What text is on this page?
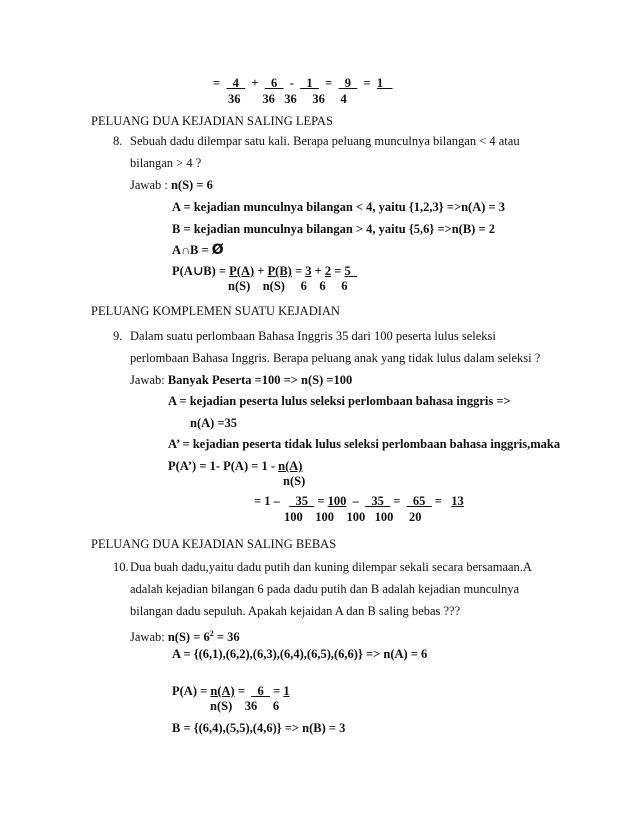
=    4    +    6    -    1    =    9    =  1
36       36   36     36     4
PELUANG DUA KEJADIAN SALING LEPAS
8. Sebuah dadu dilempar satu kali. Berapa peluang munculnya bilangan < 4 atau
bilangan > 4 ?
Jawab : n(S) = 6
A = kejadian munculnya bilangan < 4, yaitu {1,2,3} =>n(A) = 3
B = kejadian munculnya bilangan > 4, yaitu {5,6} =>n(B) = 2
A∩B = Ø
P(A∪B) = P(A) + P(B) = 3 + 2 = 5
n(S)    n(S)     6    6     6
PELUANG KOMPLEMEN SUATU KEJADIAN
9. Dalam suatu perlombaan Bahasa Inggris 35 dari 100 peserta lulus seleksi
perlombaan Bahasa Inggris. Berapa peluang anak yang tidak lulus dalam seleksi ?
Jawab: Banyak Peserta =100 => n(S) =100
A = kejadian peserta lulus seleksi perlombaan bahasa inggris =>
n(A) =35
A’ = kejadian peserta tidak lulus seleksi perlombaan bahasa inggris,maka
P(A’) = 1- P(A) = 1 - n(A)
n(S)
= 1 –     35   = 100  –    35   =    65   =   13
100    100    100   100     20
PELUANG DUA KEJADIAN SALING BEBAS
10. Dua buah dadu,yaitu dadu putih dan kuning dilempar sekali secara bersamaan.A
adalah kejadian bilangan 6 pada dadu putih dan B adalah kejadian munculnya
bilangan dadu sepuluh. Apakah kejaidan A dan B saling bebas ???
Jawab: $n(S) = 6^2 = 36$
A = {(6,1),(6,2),(6,3),(6,4),(6,5),(6,6)} => n(A) = 6
P(A) = n(A) =    6   = 1
n(S)    36     6
B = {(6,4),(5,5),(4,6)} => n(B) = 3
